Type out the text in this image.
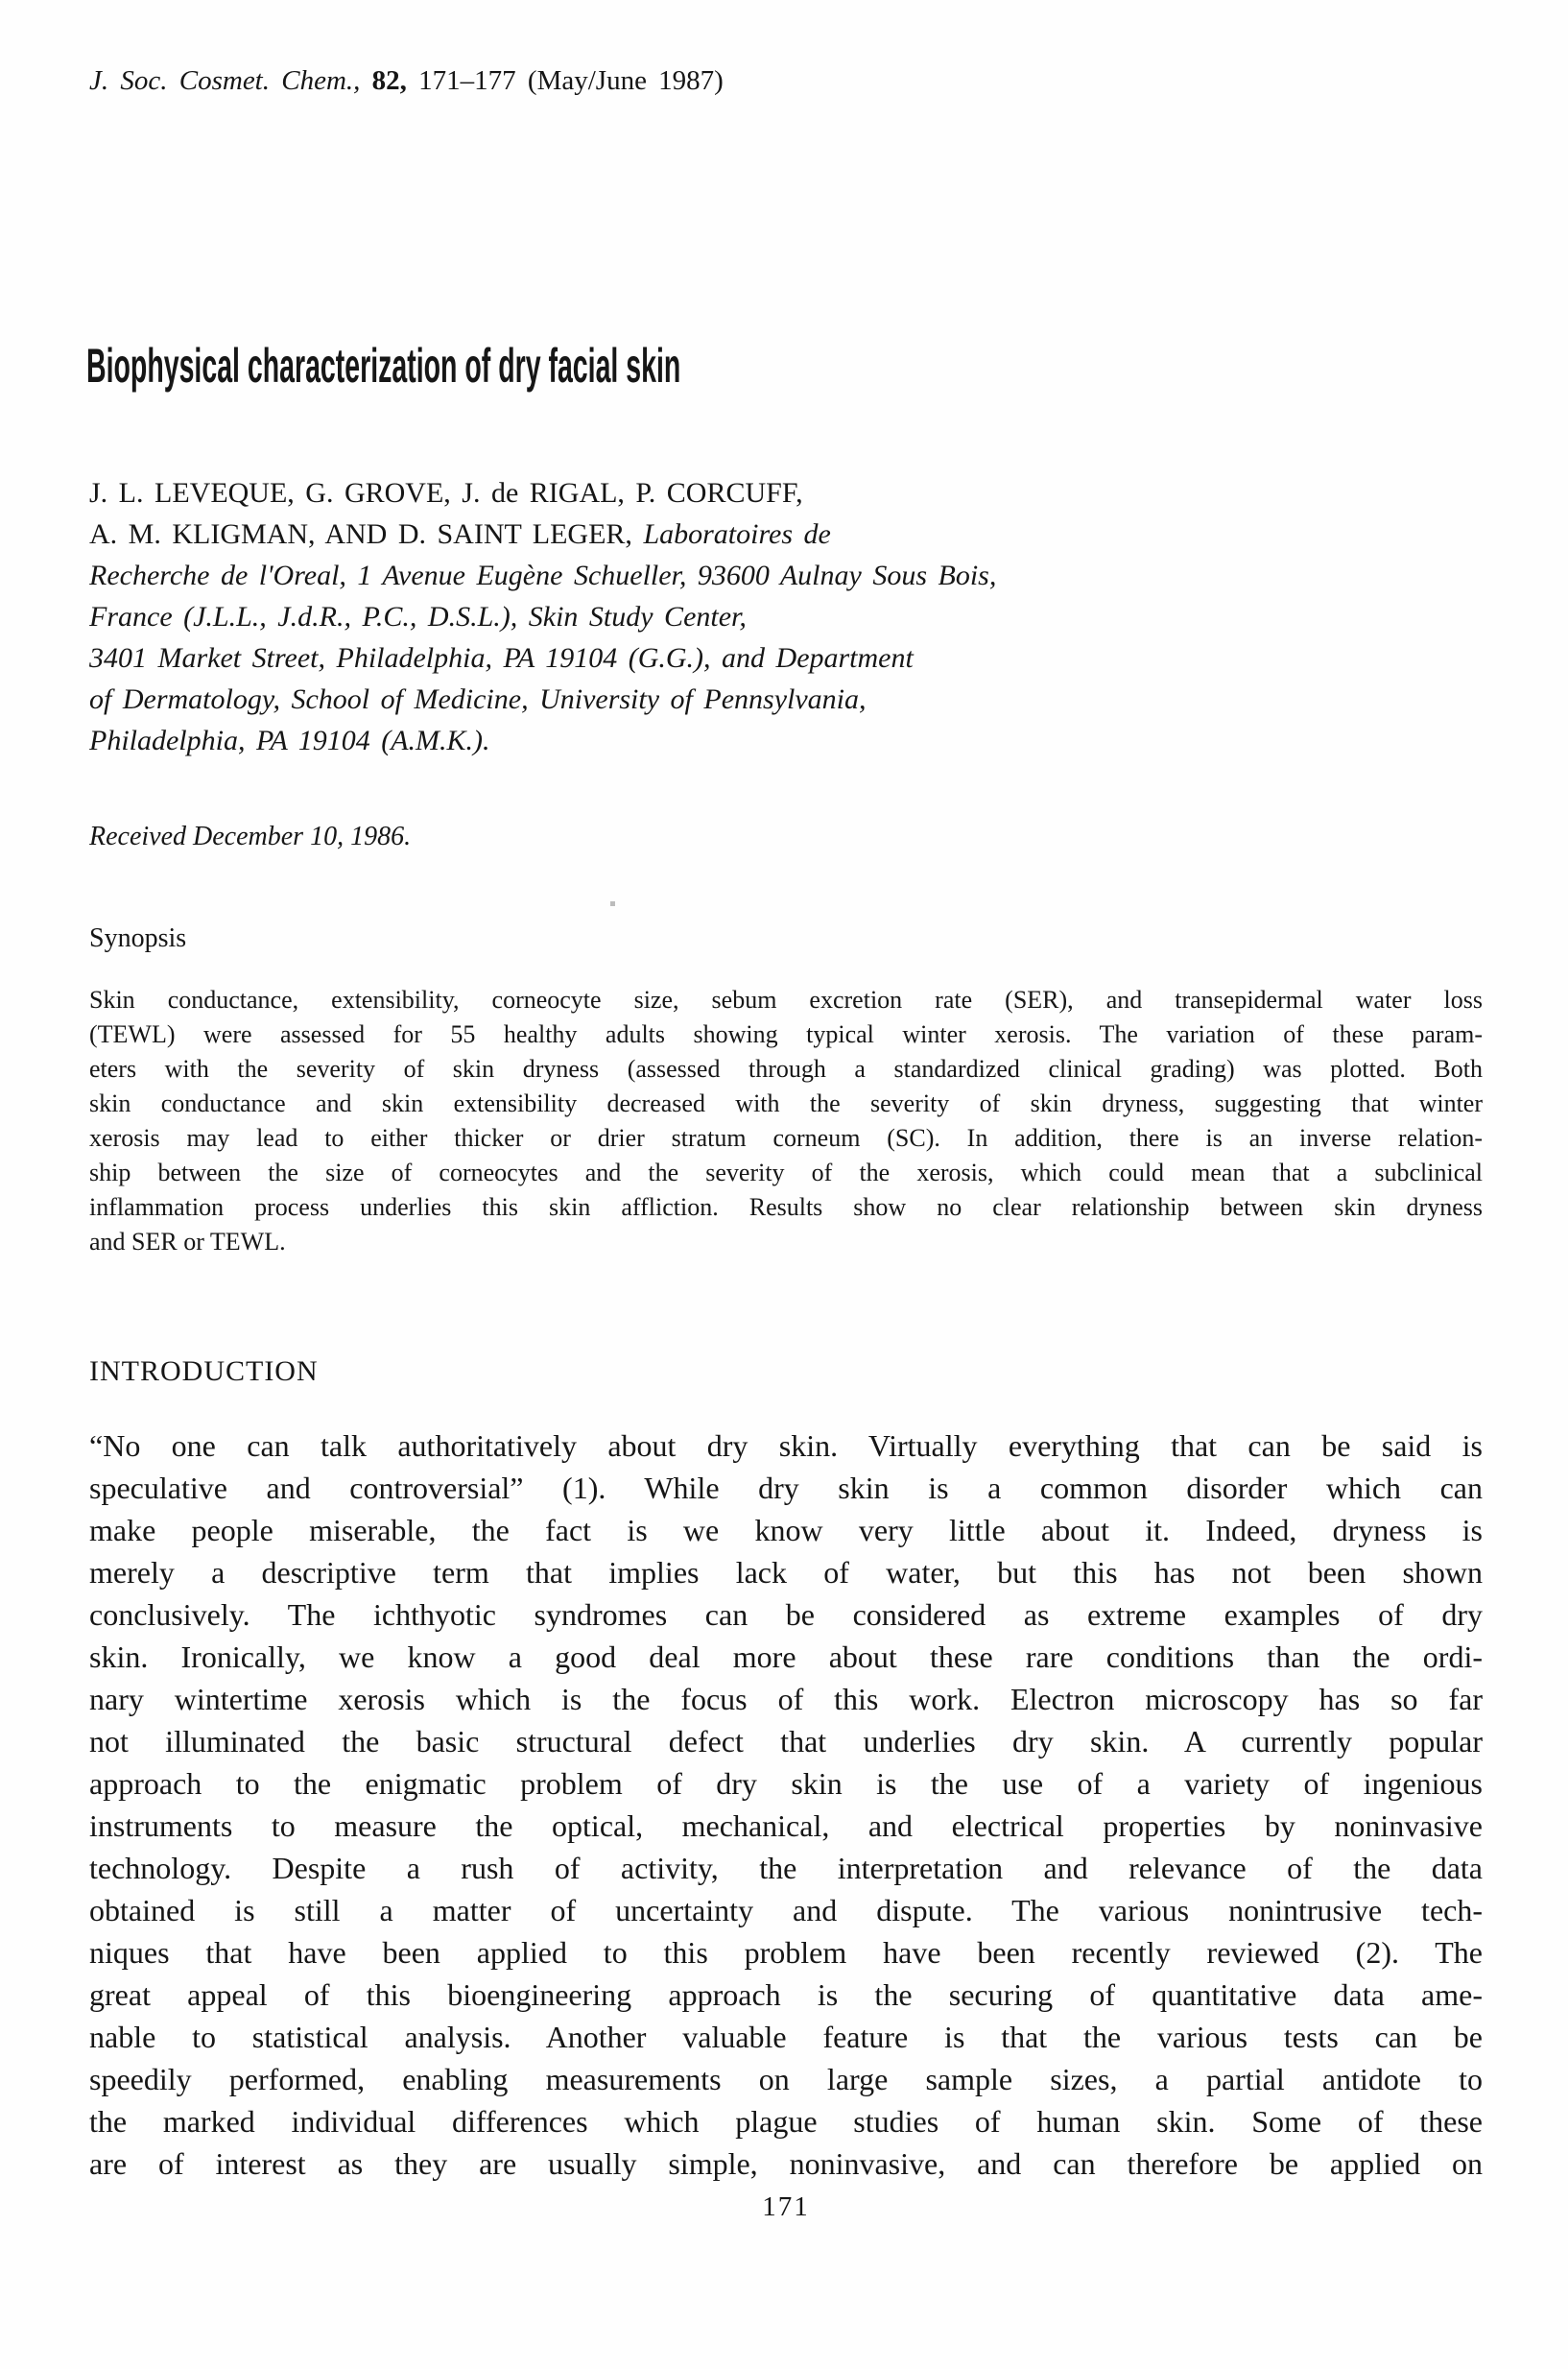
J. Soc. Cosmet. Chem., 82, 171–177 (May/June 1987)
Biophysical characterization of dry facial skin
J. L. LEVEQUE, G. GROVE, J. de RIGAL, P. CORCUFF,
A. M. KLIGMAN, AND D. SAINT LEGER, Laboratoires de
Recherche de l'Oreal, 1 Avenue Eugène Schueller, 93600 Aulnay Sous Bois,
France (J.L.L., J.d.R., P.C., D.S.L.), Skin Study Center,
3401 Market Street, Philadelphia, PA 19104 (G.G.), and Department
of Dermatology, School of Medicine, University of Pennsylvania,
Philadelphia, PA 19104 (A.M.K.).
Received December 10, 1986.
Synopsis
Skin conductance, extensibility, corneocyte size, sebum excretion rate (SER), and transepidermal water loss
(TEWL) were assessed for 55 healthy adults showing typical winter xerosis. The variation of these param-
eters with the severity of skin dryness (assessed through a standardized clinical grading) was plotted. Both
skin conductance and skin extensibility decreased with the severity of skin dryness, suggesting that winter
xerosis may lead to either thicker or drier stratum corneum (SC). In addition, there is an inverse relation-
ship between the size of corneocytes and the severity of the xerosis, which could mean that a subclinical
inflammation process underlies this skin affliction. Results show no clear relationship between skin dryness
and SER or TEWL.
INTRODUCTION
“No one can talk authoritatively about dry skin. Virtually everything that can be said is
speculative and controversial” (1). While dry skin is a common disorder which can
make people miserable, the fact is we know very little about it. Indeed, dryness is
merely a descriptive term that implies lack of water, but this has not been shown
conclusively. The ichthyotic syndromes can be considered as extreme examples of dry
skin. Ironically, we know a good deal more about these rare conditions than the ordi-
nary wintertime xerosis which is the focus of this work. Electron microscopy has so far
not illuminated the basic structural defect that underlies dry skin. A currently popular
approach to the enigmatic problem of dry skin is the use of a variety of ingenious
instruments to measure the optical, mechanical, and electrical properties by noninvasive
technology. Despite a rush of activity, the interpretation and relevance of the data
obtained is still a matter of uncertainty and dispute. The various nonintrusive tech-
niques that have been applied to this problem have been recently reviewed (2). The
great appeal of this bioengineering approach is the securing of quantitative data ame-
nable to statistical analysis. Another valuable feature is that the various tests can be
speedily performed, enabling measurements on large sample sizes, a partial antidote to
the marked individual differences which plague studies of human skin. Some of these
are of interest as they are usually simple, noninvasive, and can therefore be applied on
171
